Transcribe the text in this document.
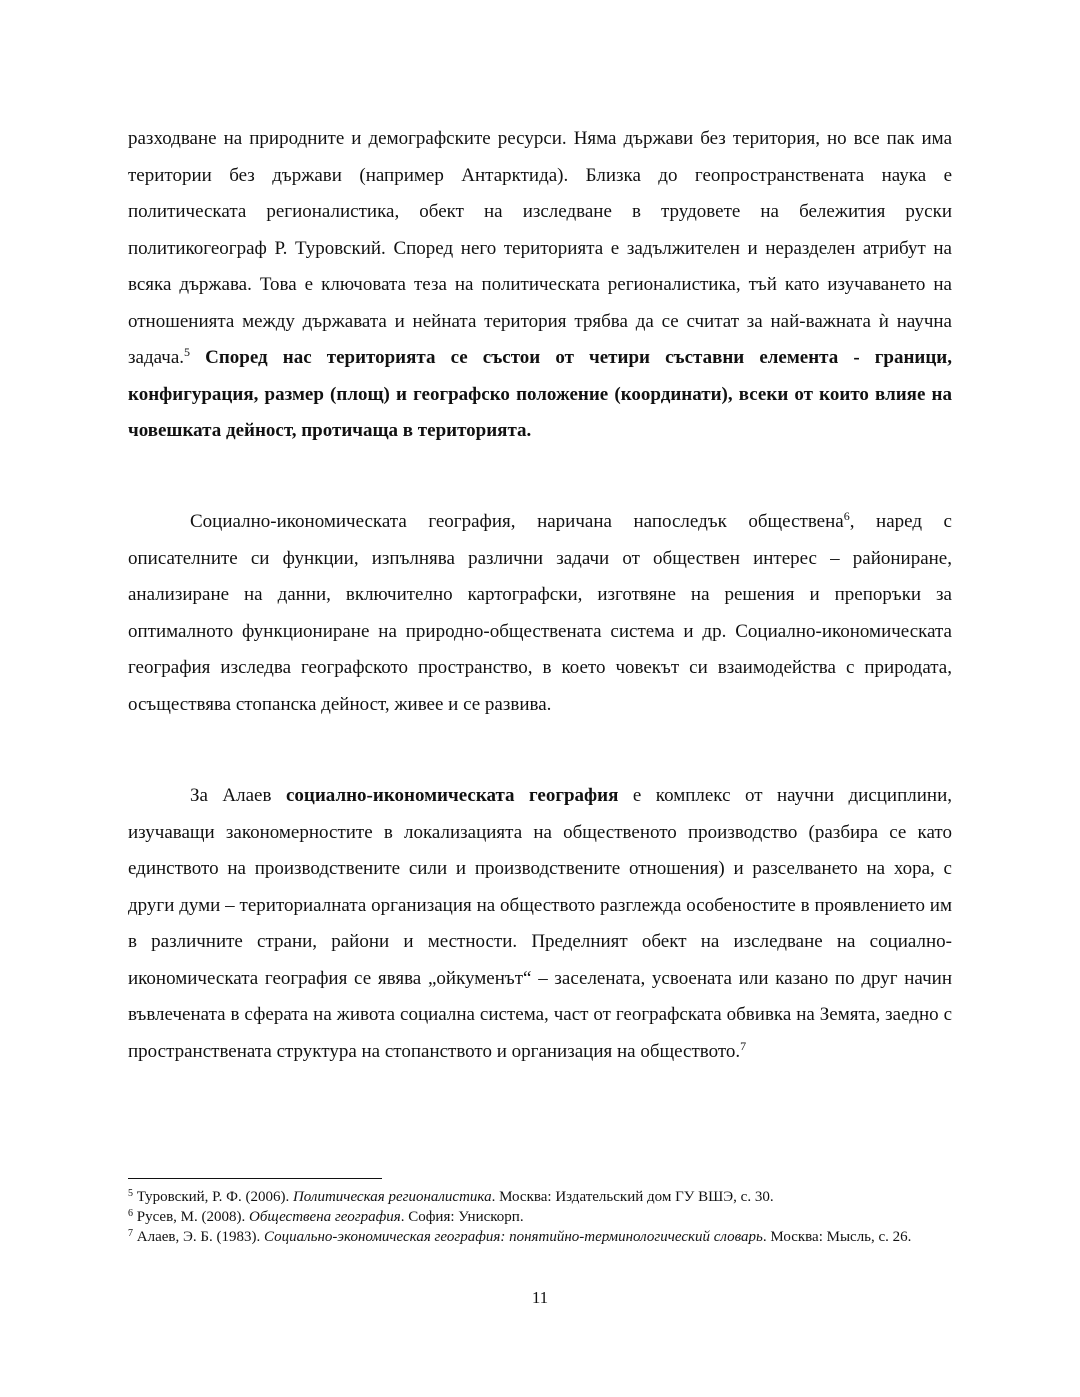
разходване на природните и демографските ресурси. Няма държави без територия, но все пак има територии без държави (например Антарктида). Близка до геопространствената наука е политическата регионалистика, обект на изследване в трудовете на бележития руски политикогеограф Р. Туровский. Според него територията е задължителен и неразделен атрибут на всяка държава. Това е ключовата теза на политическата регионалистика, тъй като изучаването на отношенията между държавата и нейната територия трябва да се считат за най-важната ѝ научна задача.$^5$ Според нас територията се състои от четири съставни елемента - граници, конфигурация, размер (площ) и географско положение (координати), всеки от които влияе на човешката дейност, протичаща в територията.

Социално-икономическата география, наричана напоследък обществена$^6$, наред с описателните си функции, изпълнява различни задачи от обществен интерес – райониране, анализиране на данни, включително картографски, изготвяне на решения и препоръки за оптималното функциониране на природно-обществената система и др. Социално-икономическата география изследва географското пространство, в което човекът си взаимодейства с природата, осъществява стопанска дейност, живее и се развива.

За Алаев социално-икономическата география е комплекс от научни дисциплини, изучаващи закономерностите в локализацията на общественото производство (разбира се като единството на производствените сили и производствените отношения) и разселването на хора, с други думи – териториалната организация на обществото разглежда особеностите в проявлението им в различните страни, райони и местности. Пределният обект на изследване на социално-икономическата география се явява „ойкуменът“ – заселената, усвоената или казано по друг начин въвлечената в сферата на живота социална система, част от географската обвивка на Земята, заедно с пространствената структура на стопанството и организация на обществото.$^7$

$^5$ Туровский, Р. Ф. (2006). Политическая регионалистика. Москва: Издательский дом ГУ ВШЭ, с. 30.

$^6$ Русев, М. (2008). Обществена география. София: Унискорп.

$^7$ Алаев, Э. Б. (1983). Социально-экономическая география: понятийно-терминологический словарь. Москва: Мысль, с. 26.

11
